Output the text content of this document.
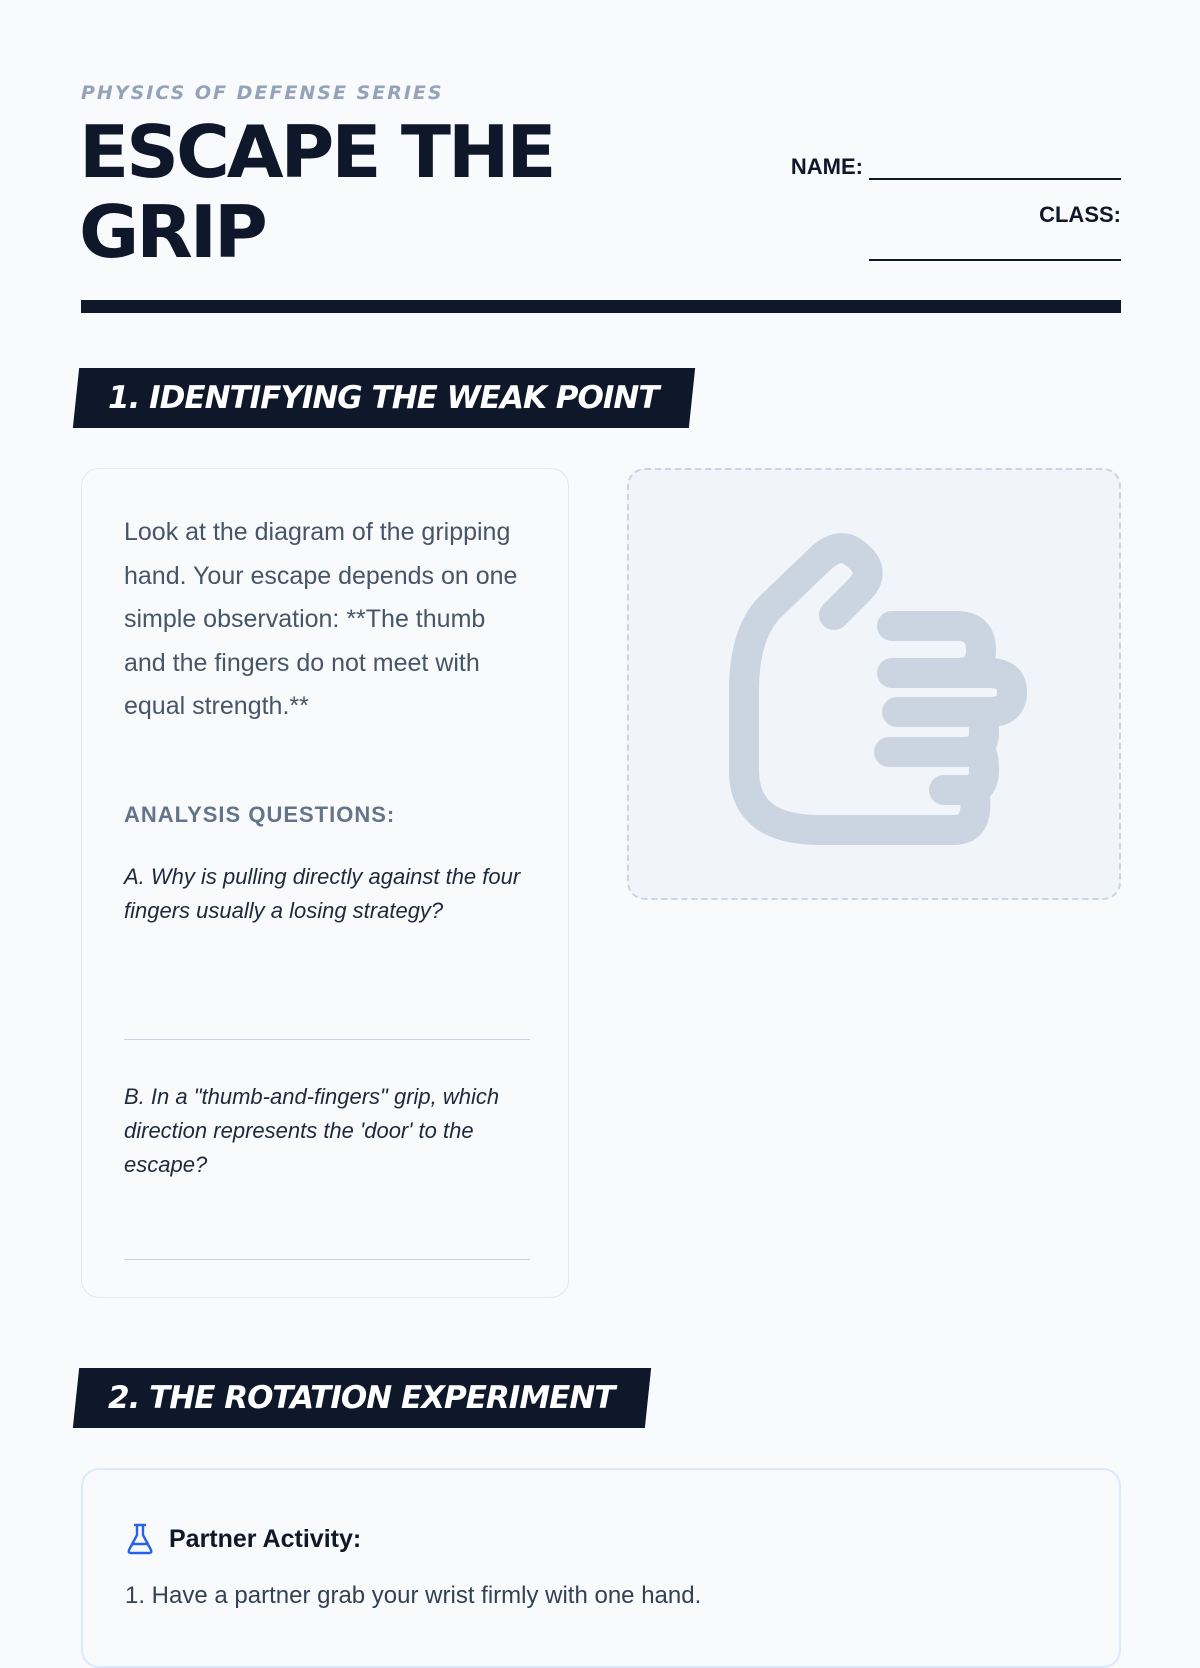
PHYSICS OF DEFENSE SERIES
ESCAPE THE
GRIP
NAME:
CLASS:
1. IDENTIFYING THE WEAK POINT
Look at the diagram of the gripping hand. Your escape depends on one simple observation: **The thumb and the fingers do not meet with equal strength.**
ANALYSIS QUESTIONS:
A. Why is pulling directly against the four fingers usually a losing strategy?
B. In a "thumb-and-fingers" grip, which direction represents the 'door' to the escape?
2. THE ROTATION EXPERIMENT
Partner Activity:
1. Have a partner grab your wrist firmly with one hand.
